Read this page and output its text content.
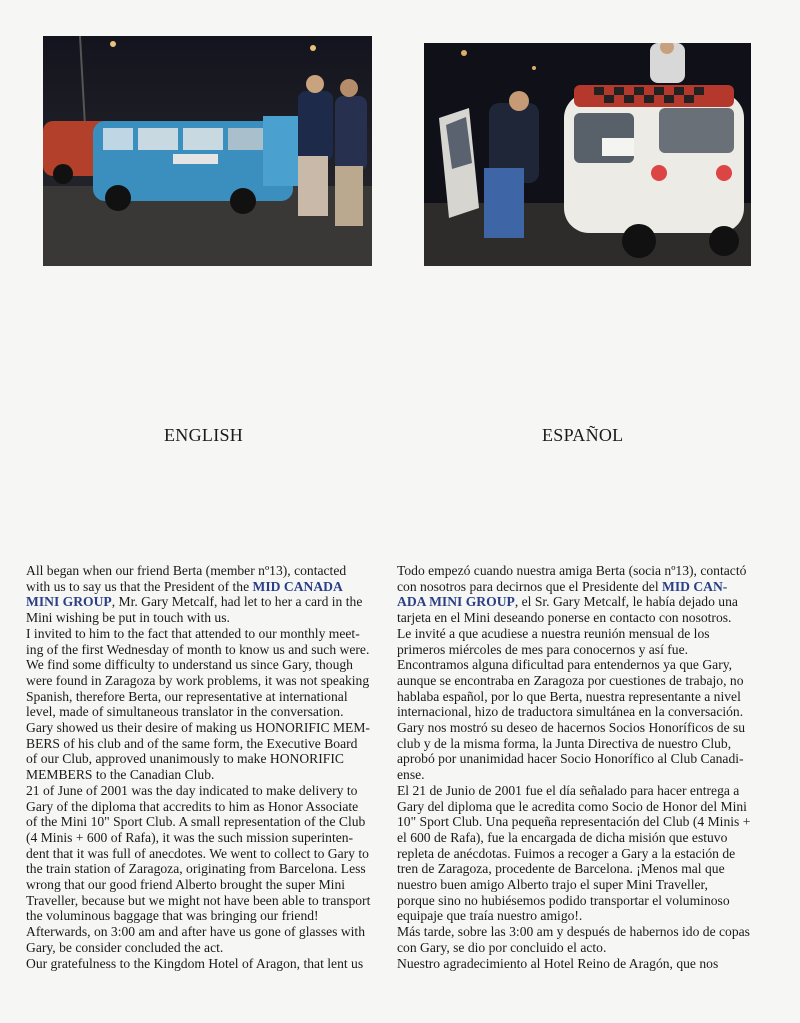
ENGLISH	ESPAÑOL
All began when our friend Berta (member nº13), contacted
with us to say us that the President of the MID CANADA
MINI GROUP, Mr. Gary Metcalf, had let to her a card in the
Mini wishing be put in touch with us.
I invited to him to the fact that attended to our monthly meet-
ing of the first Wednesday of month to know us and such were.
We find some difficulty to understand us since Gary, though
were found in Zaragoza by work problems, it was not speaking
Spanish, therefore Berta, our representative at international
level, made of simultaneous translator in the conversation.
Gary showed us their desire of making us HONORIFIC MEM-
BERS of his club and of the same form, the Executive Board
of our Club, approved unanimously to make HONORIFIC
MEMBERS to the Canadian Club.
21 of June of 2001 was the day indicated to make delivery to
Gary of the diploma that accredits to him as Honor Associate
of the Mini 10" Sport Club. A small representation of the Club
(4 Minis + 600 of Rafa), it was the such mission superinten-
dent that it was full of anecdotes. We went to collect to Gary to
the train station of Zaragoza, originating from Barcelona. Less
wrong that our good friend Alberto brought the super Mini
Traveller, because but we might not have been able to transport
the voluminous baggage that was bringing our friend!
Afterwards, on 3:00 am and after have us gone of glasses with
Gary, be consider concluded the act.
Our gratefulness to the Kingdom Hotel of Aragon, that lent us
Todo empezó cuando nuestra amiga Berta (socia nº13), contactó
con nosotros para decirnos que el Presidente del MID CAN-
ADA MINI GROUP, el Sr. Gary Metcalf, le había dejado una
tarjeta en el Mini deseando ponerse en contacto con nosotros.
Le invité a que acudiese a nuestra reunión mensual de los
primeros miércoles de mes para conocernos y así fue.
Encontramos alguna dificultad para entendernos ya que Gary,
aunque se encontraba en Zaragoza por cuestiones de trabajo, no
hablaba español, por lo que Berta, nuestra representante a nivel
internacional, hizo de traductora simultánea en la conversación.
Gary nos mostró su deseo de hacernos Socios Honoríficos de su
club y de la misma forma, la Junta Directiva de nuestro Club,
aprobó por unanimidad hacer Socio Honorífico al Club Canadi-
ense.
El 21 de Junio de 2001 fue el día señalado para hacer entrega a
Gary del diploma que le acredita como Socio de Honor del Mini
10" Sport Club. Una pequeña representación del Club (4 Minis +
el 600 de Rafa), fue la encargada de dicha misión que estuvo
repleta de anécdotas. Fuimos a recoger a Gary a la estación de
tren de Zaragoza, procedente de Barcelona. ¡Menos mal que
nuestro buen amigo Alberto trajo el super Mini Traveller,
porque sino no hubiésemos podido transportar el voluminoso
equipaje que traía nuestro amigo!.
Más tarde, sobre las 3:00 am y después de habernos ido de copas
con Gary, se dio por concluido el acto.
Nuestro agradecimiento al Hotel Reino de Aragón, que nos
